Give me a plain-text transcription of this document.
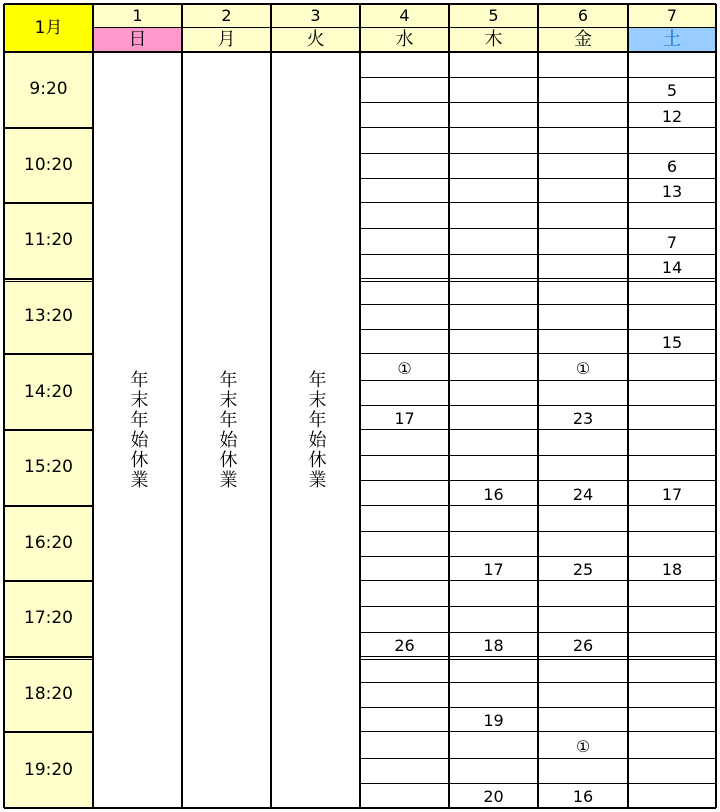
1月
1
日
2
月
3
火
4
水
5
木
6
金
7
土
9:20
10:20
11:20
13:20
14:20
15:20
16:20
17:20
18:20
19:20
年末年始休業	年末年始休業	年末年始休業
①
17
26
16
17
18
19
20
①
23
24
25
26
①
16
5
12
6
13
7
14
15
17
18
